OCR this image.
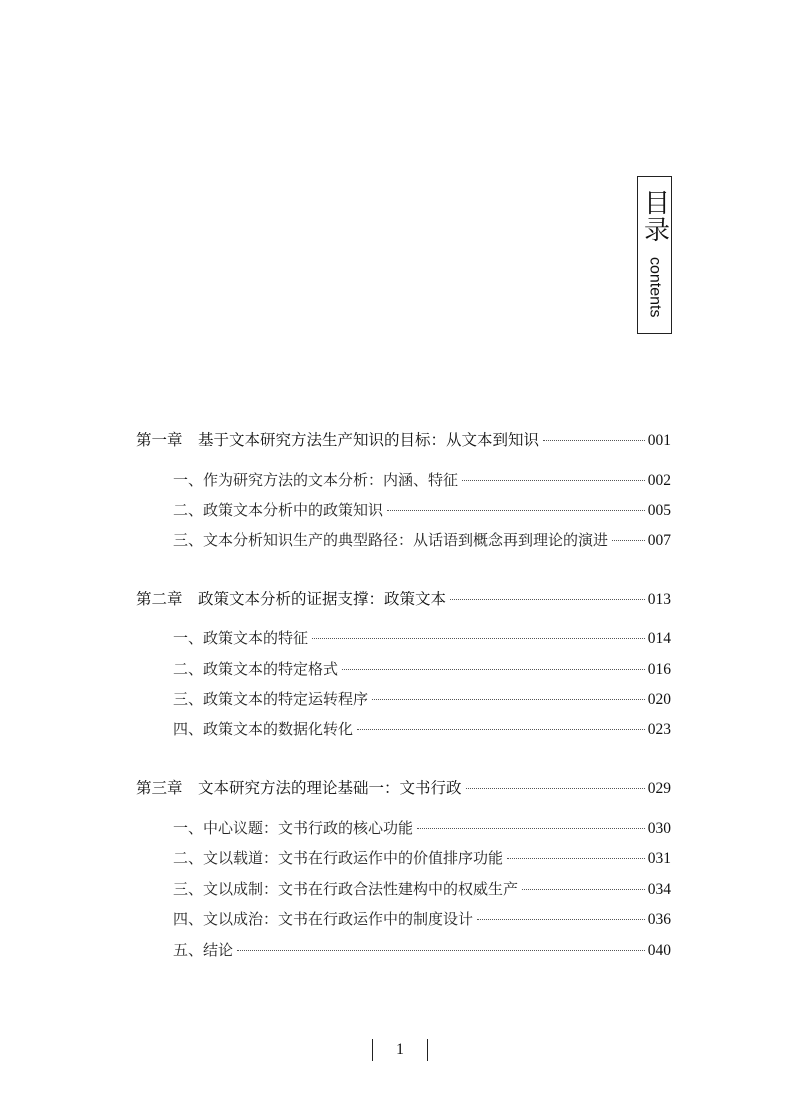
目录
contents
第一章　基于文本研究方法生产知识的目标：从文本到知识	001
一、作为研究方法的文本分析：内涵、特征	002
二、政策文本分析中的政策知识	005
三、文本分析知识生产的典型路径：从话语到概念再到理论的演进	007
第二章　政策文本分析的证据支撑：政策文本	013
一、政策文本的特征	014
二、政策文本的特定格式	016
三、政策文本的特定运转程序	020
四、政策文本的数据化转化	023
第三章　文本研究方法的理论基础一：文书行政	029
一、中心议题：文书行政的核心功能	030
二、文以载道：文书在行政运作中的价值排序功能	031
三、文以成制：文书在行政合法性建构中的权威生产	034
四、文以成治：文书在行政运作中的制度设计	036
五、结论	040
1
